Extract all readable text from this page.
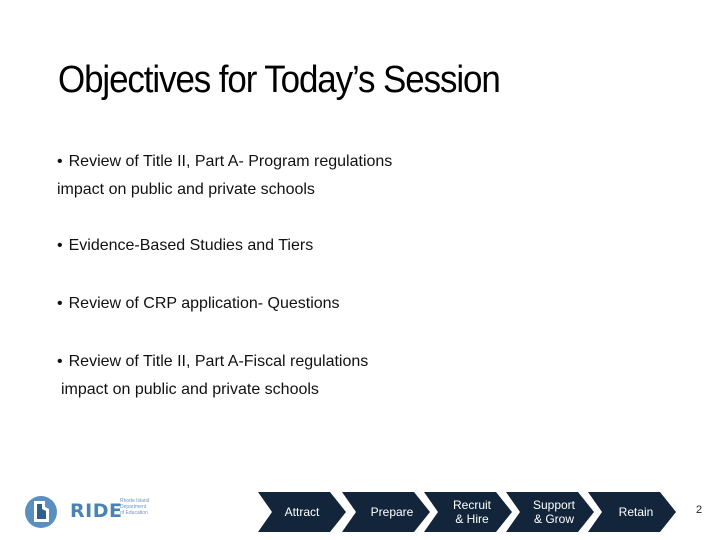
Objectives for Today’s Session
• Review of Title II, Part A- Program regulations
impact on public and private schools
• Evidence-Based Studies and Tiers
• Review of CRP application- Questions
• Review of Title II, Part A-Fiscal regulations
impact on public and private schools
RIDE
Rhode Island
Department
of Education	Attract	Prepare	Recruit
& Hire
Support
& Grow	Retain	2
